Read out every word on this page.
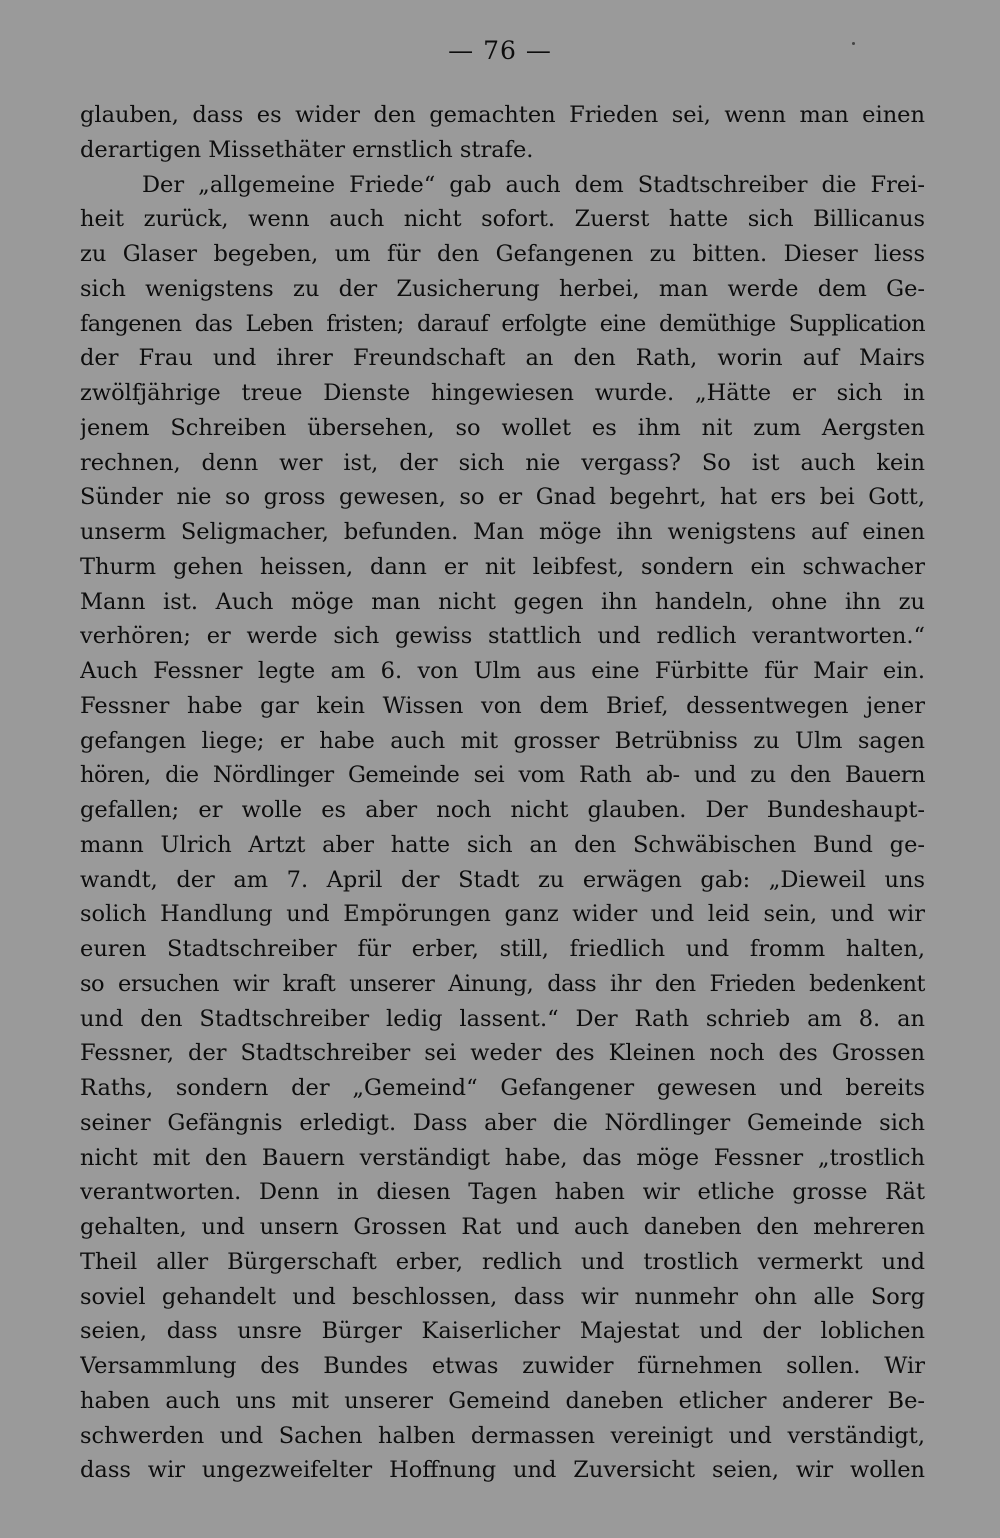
— 76 —
glauben, dass es wider den gemachten Frieden sei, wenn man einen
derartigen Missethäter ernstlich strafe.
Der „allgemeine Friede“ gab auch dem Stadtschreiber die Frei-
heit zurück, wenn auch nicht sofort. Zuerst hatte sich Billicanus
zu Glaser begeben, um für den Gefangenen zu bitten. Dieser liess
sich wenigstens zu der Zusicherung herbei, man werde dem Ge-
fangenen das Leben fristen; darauf erfolgte eine demüthige Supplication
der Frau und ihrer Freundschaft an den Rath, worin auf Mairs
zwölfjährige treue Dienste hingewiesen wurde. „Hätte er sich in
jenem Schreiben übersehen, so wollet es ihm nit zum Aergsten
rechnen, denn wer ist, der sich nie vergass? So ist auch kein
Sünder nie so gross gewesen, so er Gnad begehrt, hat ers bei Gott,
unserm Seligmacher, befunden. Man möge ihn wenigstens auf einen
Thurm gehen heissen, dann er nit leibfest, sondern ein schwacher
Mann ist. Auch möge man nicht gegen ihn handeln, ohne ihn zu
verhören; er werde sich gewiss stattlich und redlich verantworten.“
Auch Fessner legte am 6. von Ulm aus eine Fürbitte für Mair ein.
Fessner habe gar kein Wissen von dem Brief, dessentwegen jener
gefangen liege; er habe auch mit grosser Betrübniss zu Ulm sagen
hören, die Nördlinger Gemeinde sei vom Rath ab- und zu den Bauern
gefallen; er wolle es aber noch nicht glauben. Der Bundeshaupt-
mann Ulrich Artzt aber hatte sich an den Schwäbischen Bund ge-
wandt, der am 7. April der Stadt zu erwägen gab: „Dieweil uns
solich Handlung und Empörungen ganz wider und leid sein, und wir
euren Stadtschreiber für erber, still, friedlich und fromm halten,
so ersuchen wir kraft unserer Ainung, dass ihr den Frieden bedenkent
und den Stadtschreiber ledig lassent.“ Der Rath schrieb am 8. an
Fessner, der Stadtschreiber sei weder des Kleinen noch des Grossen
Raths, sondern der „Gemeind“ Gefangener gewesen und bereits
seiner Gefängnis erledigt. Dass aber die Nördlinger Gemeinde sich
nicht mit den Bauern verständigt habe, das möge Fessner „trostlich
verantworten. Denn in diesen Tagen haben wir etliche grosse Rät
gehalten, und unsern Grossen Rat und auch daneben den mehreren
Theil aller Bürgerschaft erber, redlich und trostlich vermerkt und
soviel gehandelt und beschlossen, dass wir nunmehr ohn alle Sorg
seien, dass unsre Bürger Kaiserlicher Majestat und der loblichen
Versammlung des Bundes etwas zuwider fürnehmen sollen. Wir
haben auch uns mit unserer Gemeind daneben etlicher anderer Be-
schwerden und Sachen halben dermassen vereinigt und verständigt,
dass wir ungezweifelter Hoffnung und Zuversicht seien, wir wollen
